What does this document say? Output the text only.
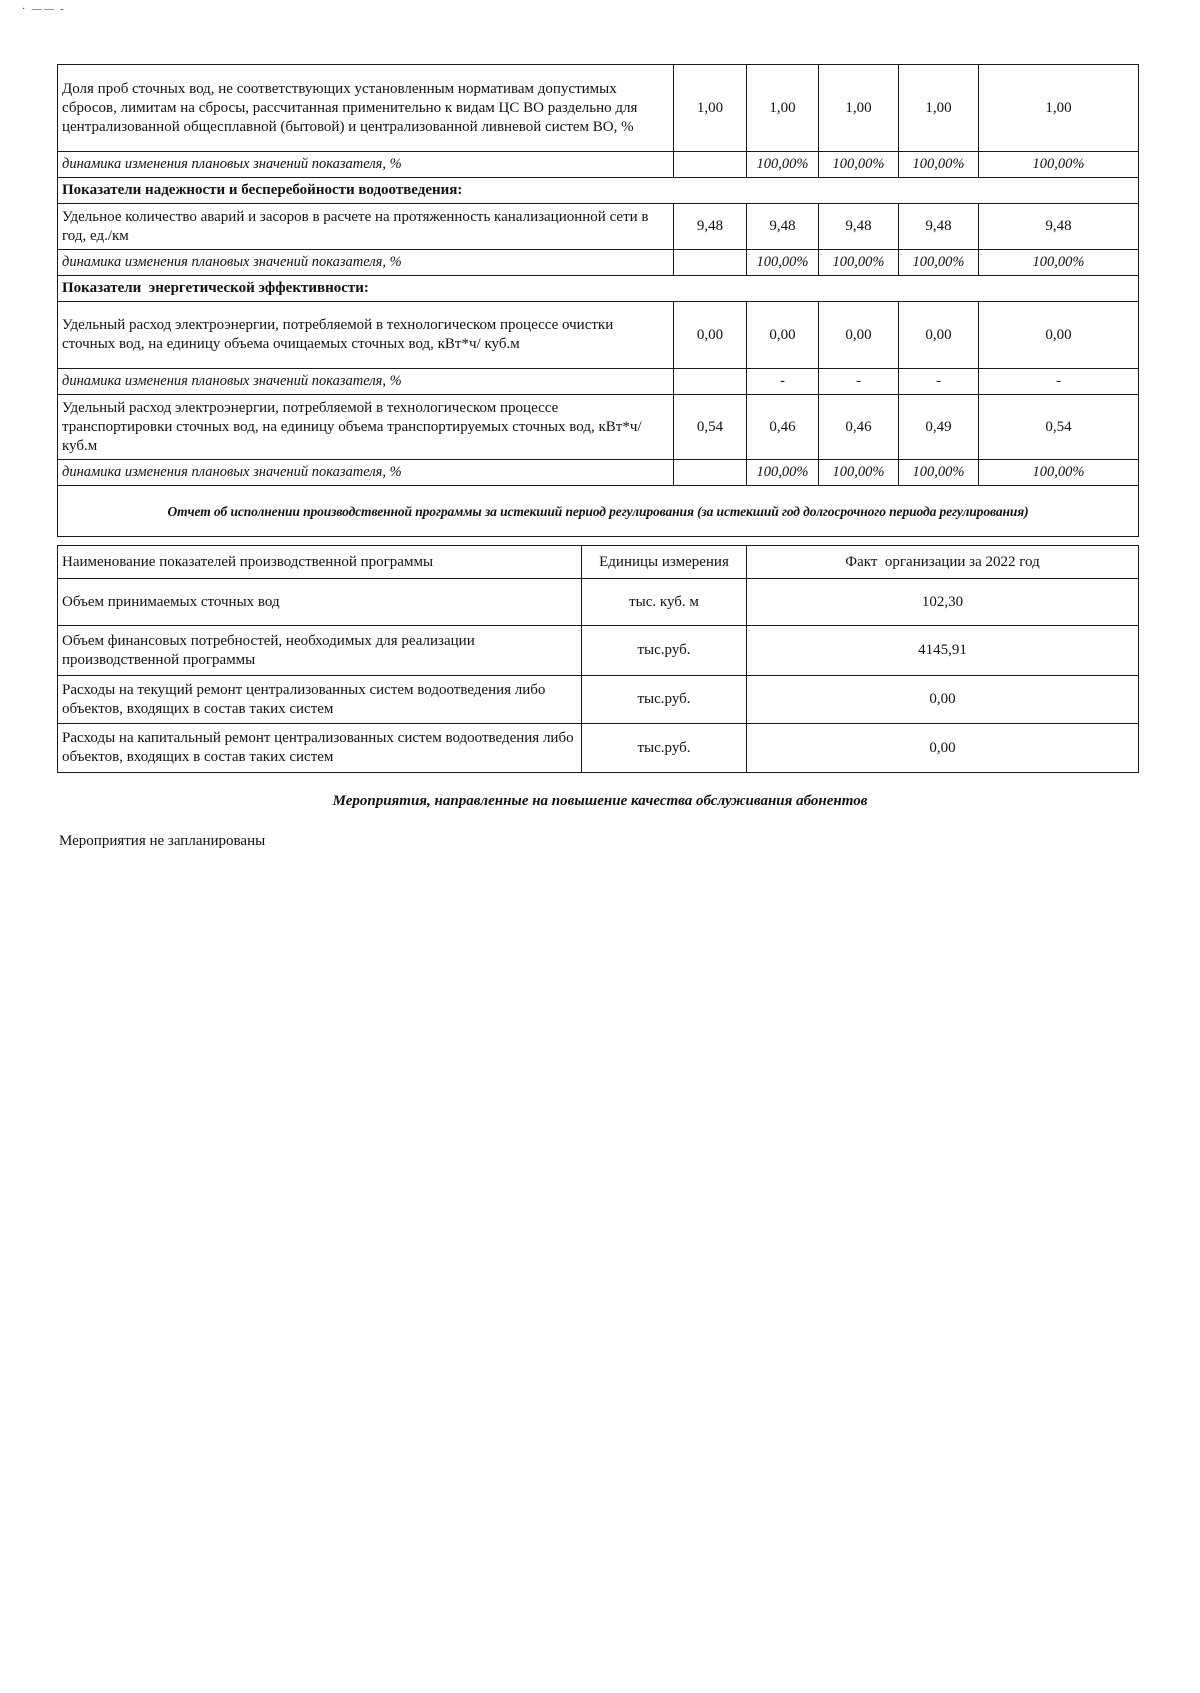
· —— -
Доля проб сточных вод, не соответствующих установленным нормативам допустимых сбросов, лимитам на сбросы, рассчитанная применительно к видам ЦС ВО раздельно для централизованной общесплавной (бытовой) и централизованной ливневой систем ВО, %	1,00	1,00	1,00	1,00	1,00
динамика изменения плановых значений показателя, %		100,00%	100,00%	100,00%	100,00%
Показатели надежности и бесперебойности водоотведения:					
Удельное количество аварий и засоров в расчете на протяженность канализационной сети в год, ед./км	9,48	9,48	9,48	9,48	9,48
динамика изменения плановых значений показателя, %		100,00%	100,00%	100,00%	100,00%
Показатели  энергетической эффективности:					
Удельный расход электроэнергии, потребляемой в технологическом процессе очистки сточных вод, на единицу объема очищаемых сточных вод, кВт*ч/ куб.м	0,00	0,00	0,00	0,00	0,00
динамика изменения плановых значений показателя, %		-	-	-	-
Удельный расход электроэнергии, потребляемой в технологическом процессе транспортировки сточных вод, на единицу объема транспортируемых сточных вод, кВт*ч/ куб.м	0,54	0,46	0,46	0,49	0,54
динамика изменения плановых значений показателя, %		100,00%	100,00%	100,00%	100,00%
Отчет об исполнении производственной программы за истекший период регулирования (за истекший год долгосрочного периода регулирования)					
Наименование показателей производственной программы	Единицы измерения	Факт  организации за 2022 год
Объем принимаемых сточных вод	тыс. куб. м	102,30
Объем финансовых потребностей, необходимых для реализации производственной программы	тыс.руб.	4145,91
Расходы на текущий ремонт централизованных систем водоотведения либо объектов, входящих в состав таких систем	тыс.руб.	0,00
Расходы на капитальный ремонт централизованных систем водоотведения либо объектов, входящих в состав таких систем	тыс.руб.	0,00
Мероприятия, направленные на повышение качества обслуживания абонентов
Мероприятия не запланированы
